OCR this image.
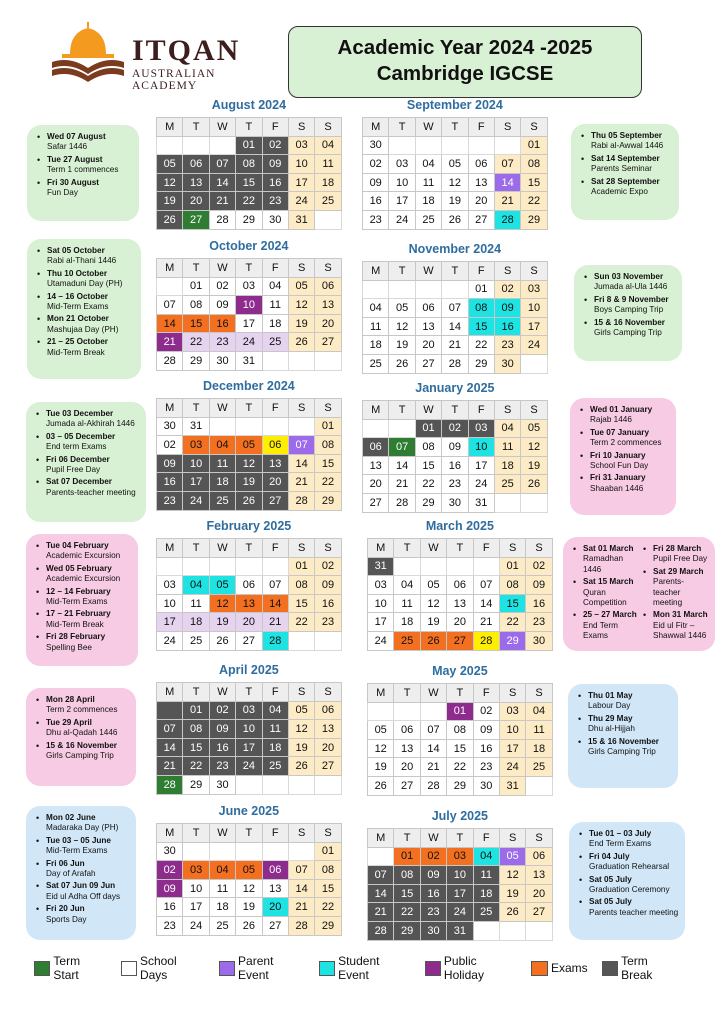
ITQAN
AUSTRALIAN ACADEMY
Academic Year 2024 -2025
Cambridge IGCSE
August 2024
M	T	W	T	F	S	S
			01	02	03	04
05	06	07	08	09	10	11
12	13	14	15	16	17	18
19	20	21	22	23	24	25
26	27	28	29	30	31	
September 2024
M	T	W	T	F	S	S
30						01
02	03	04	05	06	07	08
09	10	11	12	13	14	15
16	17	18	19	20	21	22
23	24	25	26	27	28	29
October 2024
M	T	W	T	F	S	S
	01	02	03	04	05	06
07	08	09	10	11	12	13
14	15	16	17	18	19	20
21	22	23	24	25	26	27
28	29	30	31			
November 2024
M	T	W	T	F	S	S
				01	02	03
04	05	06	07	08	09	10
11	12	13	14	15	16	17
18	19	20	21	22	23	24
25	26	27	28	29	30	
December 2024
M	T	W	T	F	S	S
30	31					01
02	03	04	05	06	07	08
09	10	11	12	13	14	15
16	17	18	19	20	21	22
23	24	25	26	27	28	29
January 2025
M	T	W	T	F	S	S
		01	02	03	04	05
06	07	08	09	10	11	12
13	14	15	16	17	18	19
20	21	22	23	24	25	26
27	28	29	30	31		
February 2025
M	T	W	T	F	S	S
					01	02
03	04	05	06	07	08	09
10	11	12	13	14	15	16
17	18	19	20	21	22	23
24	25	26	27	28		
March 2025
M	T	W	T	F	S	S
31					01	02
03	04	05	06	07	08	09
10	11	12	13	14	15	16
17	18	19	20	21	22	23
24	25	26	27	28	29	30
April 2025
M	T	W	T	F	S	S
	01	02	03	04	05	06
07	08	09	10	11	12	13
14	15	16	17	18	19	20
21	22	23	24	25	26	27
28	29	30				
May 2025
M	T	W	T	F	S	S
			01	02	03	04
05	06	07	08	09	10	11
12	13	14	15	16	17	18
19	20	21	22	23	24	25
26	27	28	29	30	31	
June 2025
M	T	W	T	F	S	S
30						01
02	03	04	05	06	07	08
09	10	11	12	13	14	15
16	17	18	19	20	21	22
23	24	25	26	27	28	29
July 2025
M	T	W	T	F	S	S
	01	02	03	04	05	06
07	08	09	10	11	12	13
14	15	16	17	18	19	20
21	22	23	24	25	26	27
28	29	30	31			
• Wed 07 August
Safar 1446
• Tue 27 August
Term 1 commences
• Fri 30 August
Fun Day
• Thu 05 September
Rabi al-Awwal 1446
• Sat 14 September
Parents Seminar
• Sat 28 September
Academic Expo
• Sat 05 October
Rabi al-Thani 1446
• Thu 10 October
Utamaduni Day (PH)
• 14 – 16 October
Mid-Term Exams
• Mon 21 October
Mashujaa Day (PH)
• 21 – 25 October
Mid-Term Break
• Sun 03 November
Jumada al-Ula 1446
• Fri 8 & 9 November
Boys Camping Trip
• 15 & 16 November
Girls Camping Trip
• Tue 03 December
Jumada al-Akhirah 1446
• 03 – 05 December
End term Exams
• Fri 06 December
Pupil Free Day
• Sat 07 December
Parents-teacher meeting
• Wed 01 January
Rajab 1446
• Tue 07 January
Term 2 commences
• Fri 10 January
School Fun Day
• Fri 31 January
Shaaban 1446
• Tue 04 February
Academic Excursion
• Wed 05 February
Academic Excursion
• 12 – 14 February
Mid-Term Exams
• 17 – 21 February
Mid-Term Break
• Fri 28 February
Spelling Bee
• Sat 01 March
Ramadhan 1446
• Sat 15 March
Quran Competition
• 25 – 27 March
End Term Exams
• Fri 28 March
Pupil Free Day
• Sat 29 March
Parents-teacher meeting
• Mon 31 March
Eid ul Fitr – Shawwal 1446
• Mon 28 April
Term 2 commences
• Tue 29 April
Dhu al-Qadah 1446
• 15 & 16 November
Girls Camping Trip
• Thu 01 May
Labour Day
• Thu 29 May
Dhu al-Hijjah
• 15 & 16 November
Girls Camping Trip
• Mon 02 June
Madaraka Day (PH)
• Tue 03 – 05 June
Mid-Term Exams
• Fri 06 Jun
Day of Arafah
• Sat 07 Jun 09 Jun
Eid ul Adha Off days
• Fri 20 Jun
Sports Day
• Tue 01 – 03 July
End Term Exams
• Fri 04 July
Graduation Rehearsal
• Sat 05 July
Graduation Ceremony
• Sat 05 July
Parents teacher meeting
Term Start
School Days
Parent Event
Student Event
Public Holiday	Exams	Term Break
